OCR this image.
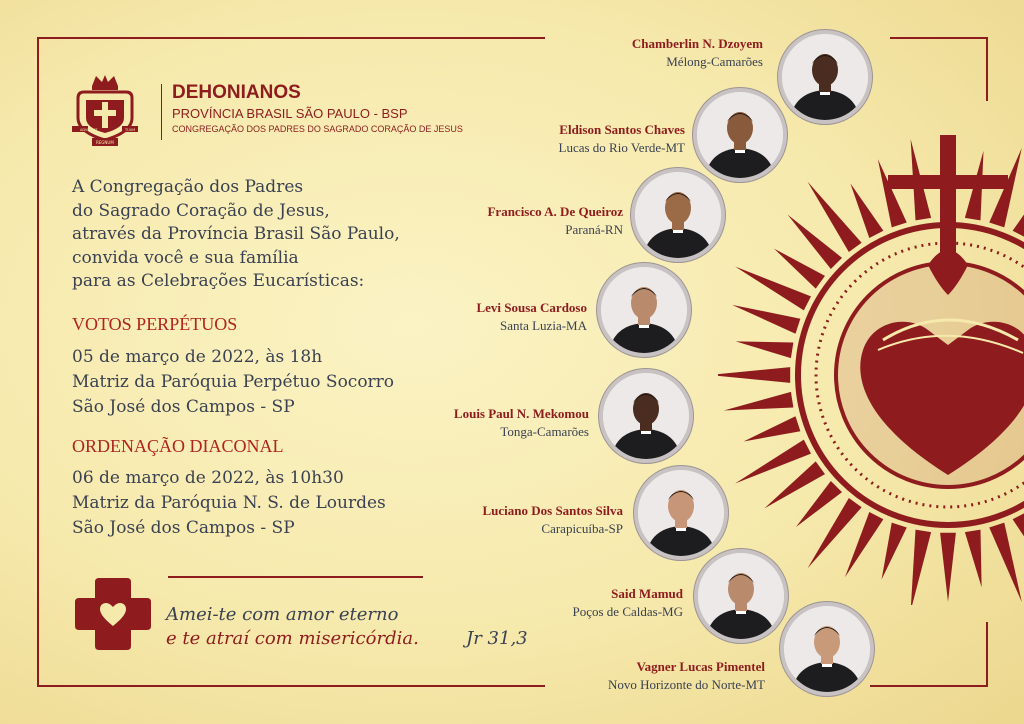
ADVENIAT	TUUM
REGNUM
DEHONIANOS
PROVÍNCIA BRASIL SÃO PAULO - BSP
CONGREGAÇÃO DOS PADRES DO SAGRADO CORAÇÃO DE JESUS
A Congregação dos Padres
do Sagrado Coração de Jesus,
através da Província Brasil São Paulo,
convida você e sua família
para as Celebrações Eucarísticas:
VOTOS PERPÉTUOS
05 de março de 2022, às 18h
Matriz da Paróquia Perpétuo Socorro
São José dos Campos - SP
ORDENAÇÃO DIACONAL
06 de março de 2022, às 10h30
Matriz da Paróquia N. S. de Lourdes
São José dos Campos - SP
Amei-te com amor eterno
e te atraí com misericórdia.	Jr 31,3
Chamberlin N. Dzoyem
Mélong-Camarões
Eldison Santos Chaves
Lucas do Rio Verde-MT
Francisco A. De Queiroz
Paraná-RN
Levi Sousa Cardoso
Santa Luzia-MA
Louis Paul N. Mekomou
Tonga-Camarões
Luciano Dos Santos Silva
Carapicuíba-SP
Said Mamud
Poços de Caldas-MG
Vagner Lucas Pimentel
Novo Horizonte do Norte-MT
